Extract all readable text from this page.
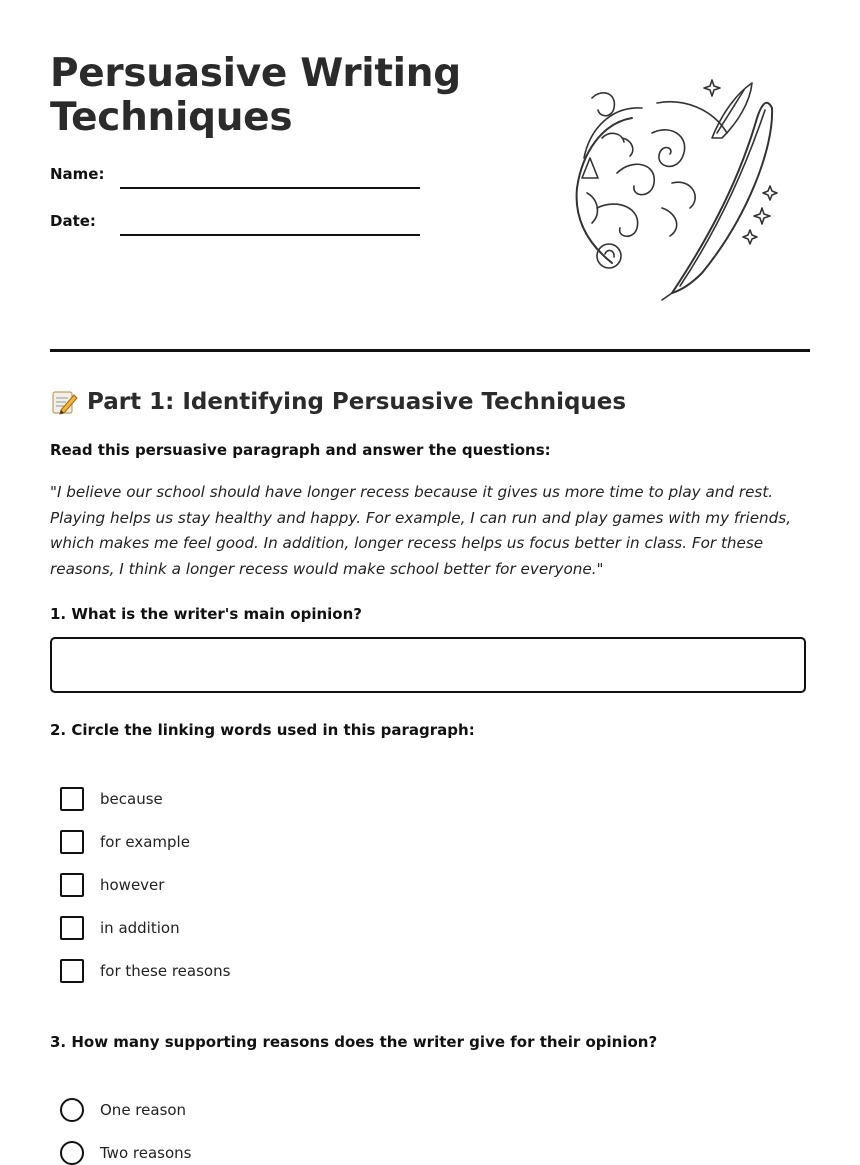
Persuasive Writing Techniques
Name:
Date:
Part 1: Identifying Persuasive Techniques
Read this persuasive paragraph and answer the questions:

"I believe our school should have longer recess because it gives us more time to play and rest. Playing helps us stay healthy and happy. For example, I can run and play games with my friends, which makes me feel good. In addition, longer recess helps us focus better in class. For these reasons, I think a longer recess would make school better for everyone."

1. What is the writer's main opinion?
2. Circle the linking words used in this paragraph:
because
for example
however
in addition
for these reasons
3. How many supporting reasons does the writer give for their opinion?
One reason
Two reasons
